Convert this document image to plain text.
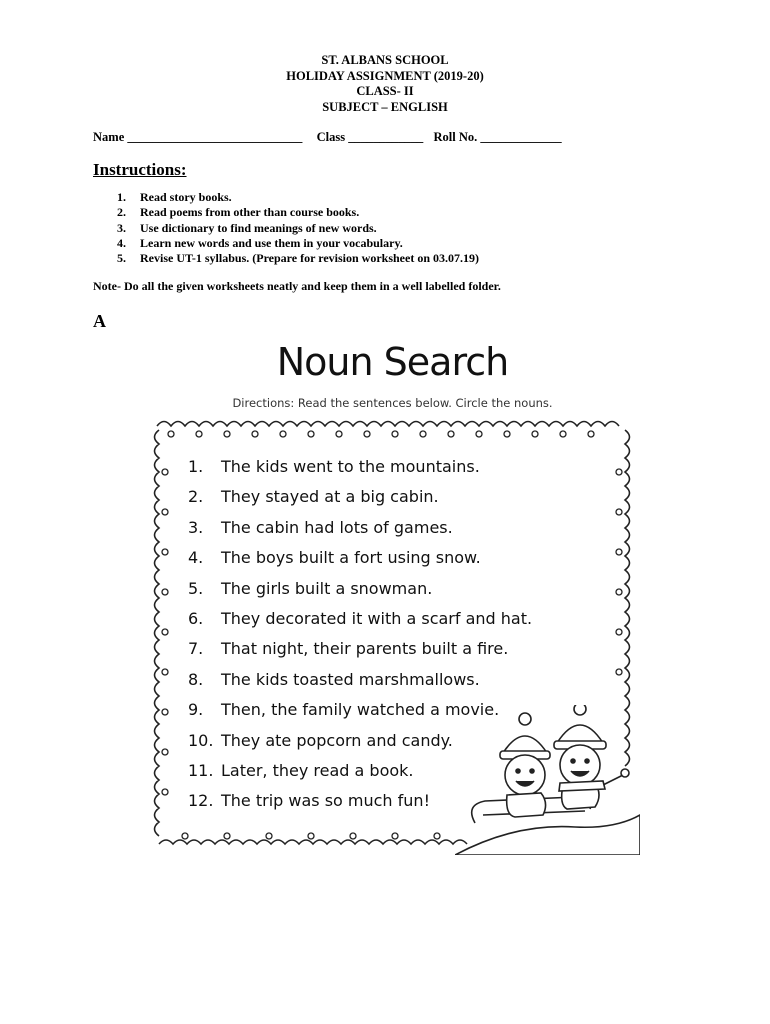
ST. ALBANS SCHOOL
HOLIDAY ASSIGNMENT (2019-20)
CLASS- II
SUBJECT – ENGLISH
Name ____________________________ Class ____________ Roll No. _____________
Instructions:
1.	Read story books.
2.	Read poems from other than course books.
3.	Use dictionary to find meanings of new words.
4.	Learn new words and use them in your vocabulary.
5.	Revise UT-1 syllabus. (Prepare for revision worksheet on 03.07.19)
Note- Do all the given worksheets neatly and keep them in a well labelled folder.
A
Noun Search
Directions: Read the sentences below. Circle the nouns.
1.	The kids went to the mountains.
2.	They stayed at a big cabin.
3.	The cabin had lots of games.
4.	The boys built a fort using snow.
5.	The girls built a snowman.
6.	They decorated it with a scarf and hat.
7.	That night, their parents built a fire.
8.	The kids toasted marshmallows.
9.	Then, the family watched a movie.
10. They ate popcorn and candy.
11. Later, they read a book.
12. The trip was so much fun!
